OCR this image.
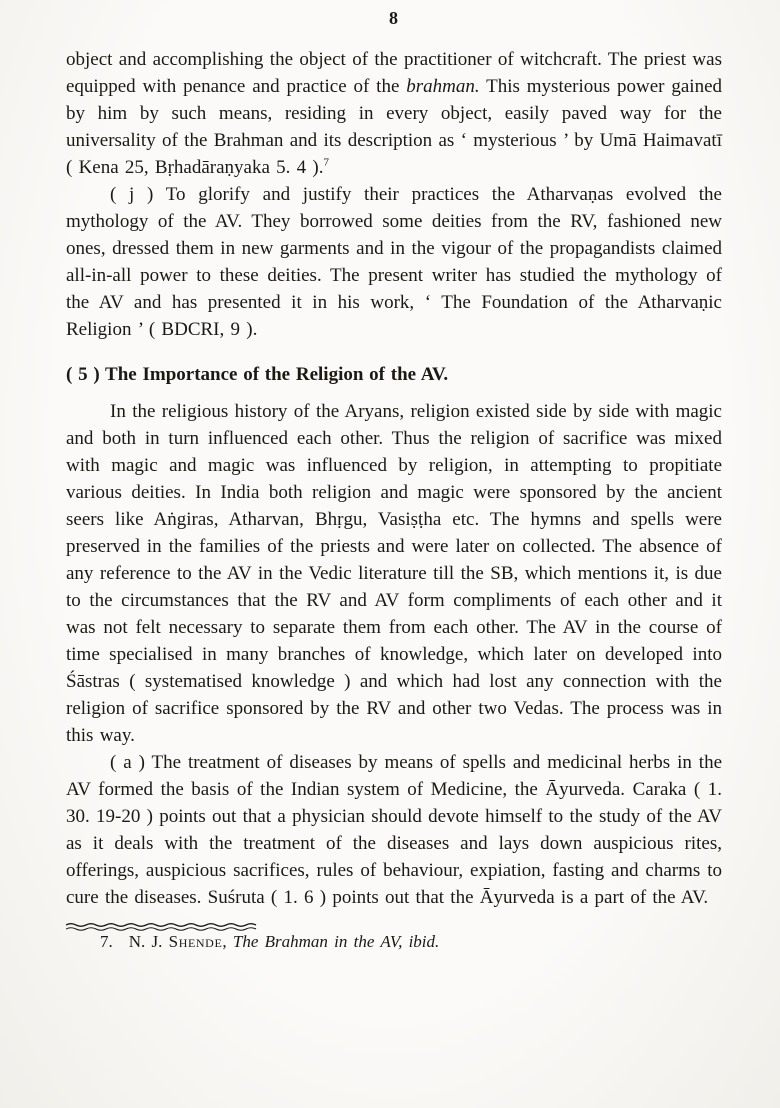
8

object and accomplishing the object of the practitioner of witchcraft. The priest was equipped with penance and practice of the brahman. This mysterious power gained by him by such means, residing in every object, easily paved way for the universality of the Brahman and its description as ‘ mysterious ’ by Umā Haimavatī ( Kena 25, Bṛhadāraṇyaka 5. 4 ).$^7$

( j ) To glorify and justify their practices the Atharvaṇas evolved the mythology of the AV. They borrowed some deities from the RV, fashioned new ones, dressed them in new garments and in the vigour of the propagandists claimed all-in-all power to these deities. The present writer has studied the mythology of the AV and has presented it in his work, ‘ The Foundation of the Atharvaṇic Religion ’ ( BDCRI, 9 ).

( 5 ) The Importance of the Religion of the AV.

In the religious history of the Aryans, religion existed side by side with magic and both in turn influenced each other. Thus the religion of sacrifice was mixed with magic and magic was influenced by religion, in attempting to propitiate various deities. In India both religion and magic were sponsored by the ancient seers like Aṅgiras, Atharvan, Bhṛgu, Vasiṣṭha etc. The hymns and spells were preserved in the families of the priests and were later on collected. The absence of any reference to the AV in the Vedic literature till the SB, which mentions it, is due to the circumstances that the RV and AV form compliments of each other and it was not felt necessary to separate them from each other. The AV in the course of time specialised in many branches of knowledge, which later on developed into Śāstras ( systematised knowledge ) and which had lost any connection with the religion of sacrifice sponsored by the RV and other two Vedas. The process was in this way.

( a ) The treatment of diseases by means of spells and medicinal herbs in the AV formed the basis of the Indian system of Medicine, the Āyurveda. Caraka ( 1. 30. 19-20 ) points out that a physician should devote himself to the study of the AV as it deals with the treatment of the diseases and lays down auspicious rites, offerings, auspicious sacrifices, rules of behaviour, expiation, fasting and charms to cure the diseases. Suśruta ( 1. 6 ) points out that the Āyurveda is a part of the AV.

7. N. J. Shende, The Brahman in the AV, ibid.
